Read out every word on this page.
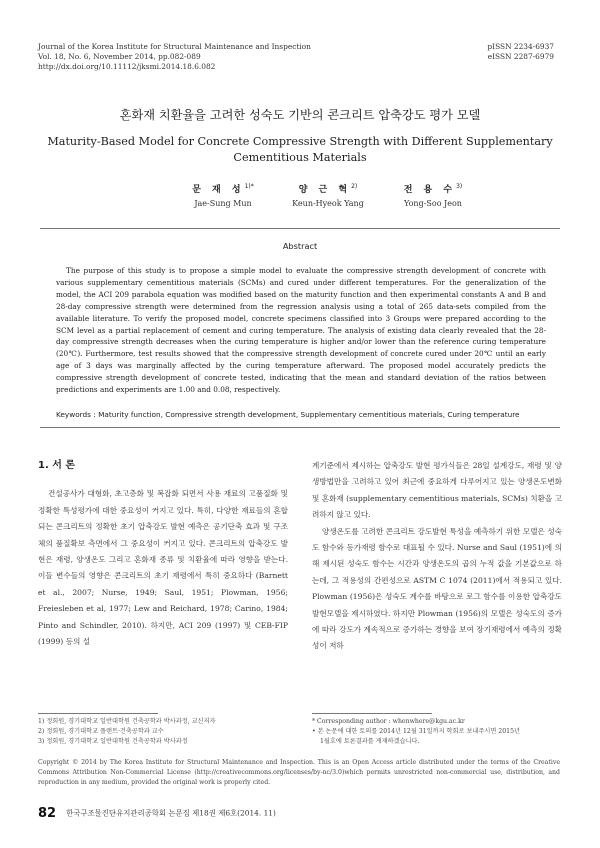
Journal of the Korea Institute for Structural Maintenance and Inspection
Vol. 18, No. 6, November 2014, pp.082-089
http://dx.doi.org/10.11112/jksmi.2014.18.6.082
pISSN 2234-6937
eISSN 2287-6979
혼화재 치환율을 고려한 성숙도 기반의 콘크리트 압축강도 평가 모델
Maturity-Based Model for Concrete Compressive Strength with Different Supplementary Cementitious Materials
문 재 성$^{1)*}$
Jae-Sung Mun
양 근 혁$^{2)}$
Keun-Hyeok Yang
전 용 수$^{3)}$
Yong-Soo Jeon
Abstract
The purpose of this study is to propose a simple model to evaluate the compressive strength development of concrete with various supplementary cementitious materials (SCMs) and cured under different temperatures. For the generalization of the model, the ACI 209 parabola equation was modified based on the maturity function and then experimental constants A and B and 28-day compressive strength were determined from the regression analysis using a total of 265 data-sets compiled from the available literature. To verify the proposed model, concrete specimens classified into 3 Groups were prepared according to the SCM level as a partial replacement of cement and curing temperature. The analysis of existing data clearly revealed that the 28-day compressive strength decreases when the curing temperature is higher and/or lower than the reference curing temperature (20℃). Furthermore, test results showed that the compressive strength development of concrete cured under 20℃ until an early age of 3 days was marginally affected by the curing temperature afterward. The proposed model accurately predicts the compressive strength development of concrete tested, indicating that the mean and standard deviation of the ratios between predictions and experiments are 1.00 and 0.08, respectively.
Keywords : Maturity function, Compressive strength development, Supplementary cementitious materials, Curing temperature
1. 서 론
건설공사가 대형화, 초고층화 및 복잡화 되면서 사용 재료의 고품질화 및 정확한 특성평가에 대한 중요성이 커지고 있다. 특히, 다양한 재료들의 혼합되는 콘크리트의 정확한 초기 압축강도 발현 예측은 공기단축 효과 및 구조체의 품질확보 측면에서 그 중요성이 커지고 있다. 콘크리트의 압축강도 발현은 재령, 양생온도 그리고 혼화재 종류 및 치환율에 따라 영향을 받는다. 이들 변수들의 영향은 콘크리트의 초기 재령에서 특히 중요하다 (Barnett et al., 2007; Nurse, 1949; Saul, 1951; Plowman, 1956; Freiesleben et al, 1977; Lew and Reichard, 1978; Carino, 1984; Pinto and Schindler, 2010). 하지만, ACI 209 (1997) 및 CEB-FIP (1999) 등의 설
계기준에서 제시하는 압축강도 발현 평가식들은 28일 설계강도, 재령 및 양생방법만을 고려하고 있어 최근에 중요하게 다루어지고 있는 양생온도변화 및 혼화재 (supplementary cementitious materials, SCMs) 치환을 고려하지 않고 있다.
양생온도를 고려한 콘크리트 강도발현 특성을 예측하기 위한 모델은 성숙도 함수와 등가재령 함수로 대표될 수 있다. Nurse and Saul (1951)에 의해 제시된 성숙도 함수는 시간과 양생온도의 곱의 누적 값을 기본값으로 하는데, 그 적용성의 간편성으로 ASTM C 1074 (2011)에서 적용되고 있다. Plowman (1956)은 성숙도 계수를 바탕으로 로그 함수를 이용한 압축강도 발현모델을 제시하였다. 하지만 Plowman (1956)의 모델은 성숙도의 증가에 따라 강도가 계속적으로 증가하는 경향을 보여 장기재령에서 예측의 정확성이 저하
1) 정회원, 경기대학교 일반대학원 건축공학과 박사과정, 교신저자
2) 정회원, 경기대학교 플랜트·건축공학과 교수
3) 정회원, 경기대학교 일반대학원 건축공학과 박사과정
* Corresponding author : whenwhere@kgu.ac.kr
• 본 논문에 대한 토의를 2014년 12월 31일까지 학회로 보내주시면 2015년
1월호에 토론결과를 게재하겠습니다.
Copyright © 2014 by The Korea Institute for Structural Maintenance and Inspection. This is an Open Access article distributed under the terms of the Creative Commons Attribution Non-Commercial License (http://creativecommons.org/licenses/by-nc/3.0)which permits unrestricted non-commercial use, distribution, and reproduction in any medium, provided the original work is properly cited.
82 한국구조물진단유지관리공학회 논문집 제18권 제6호(2014. 11)
